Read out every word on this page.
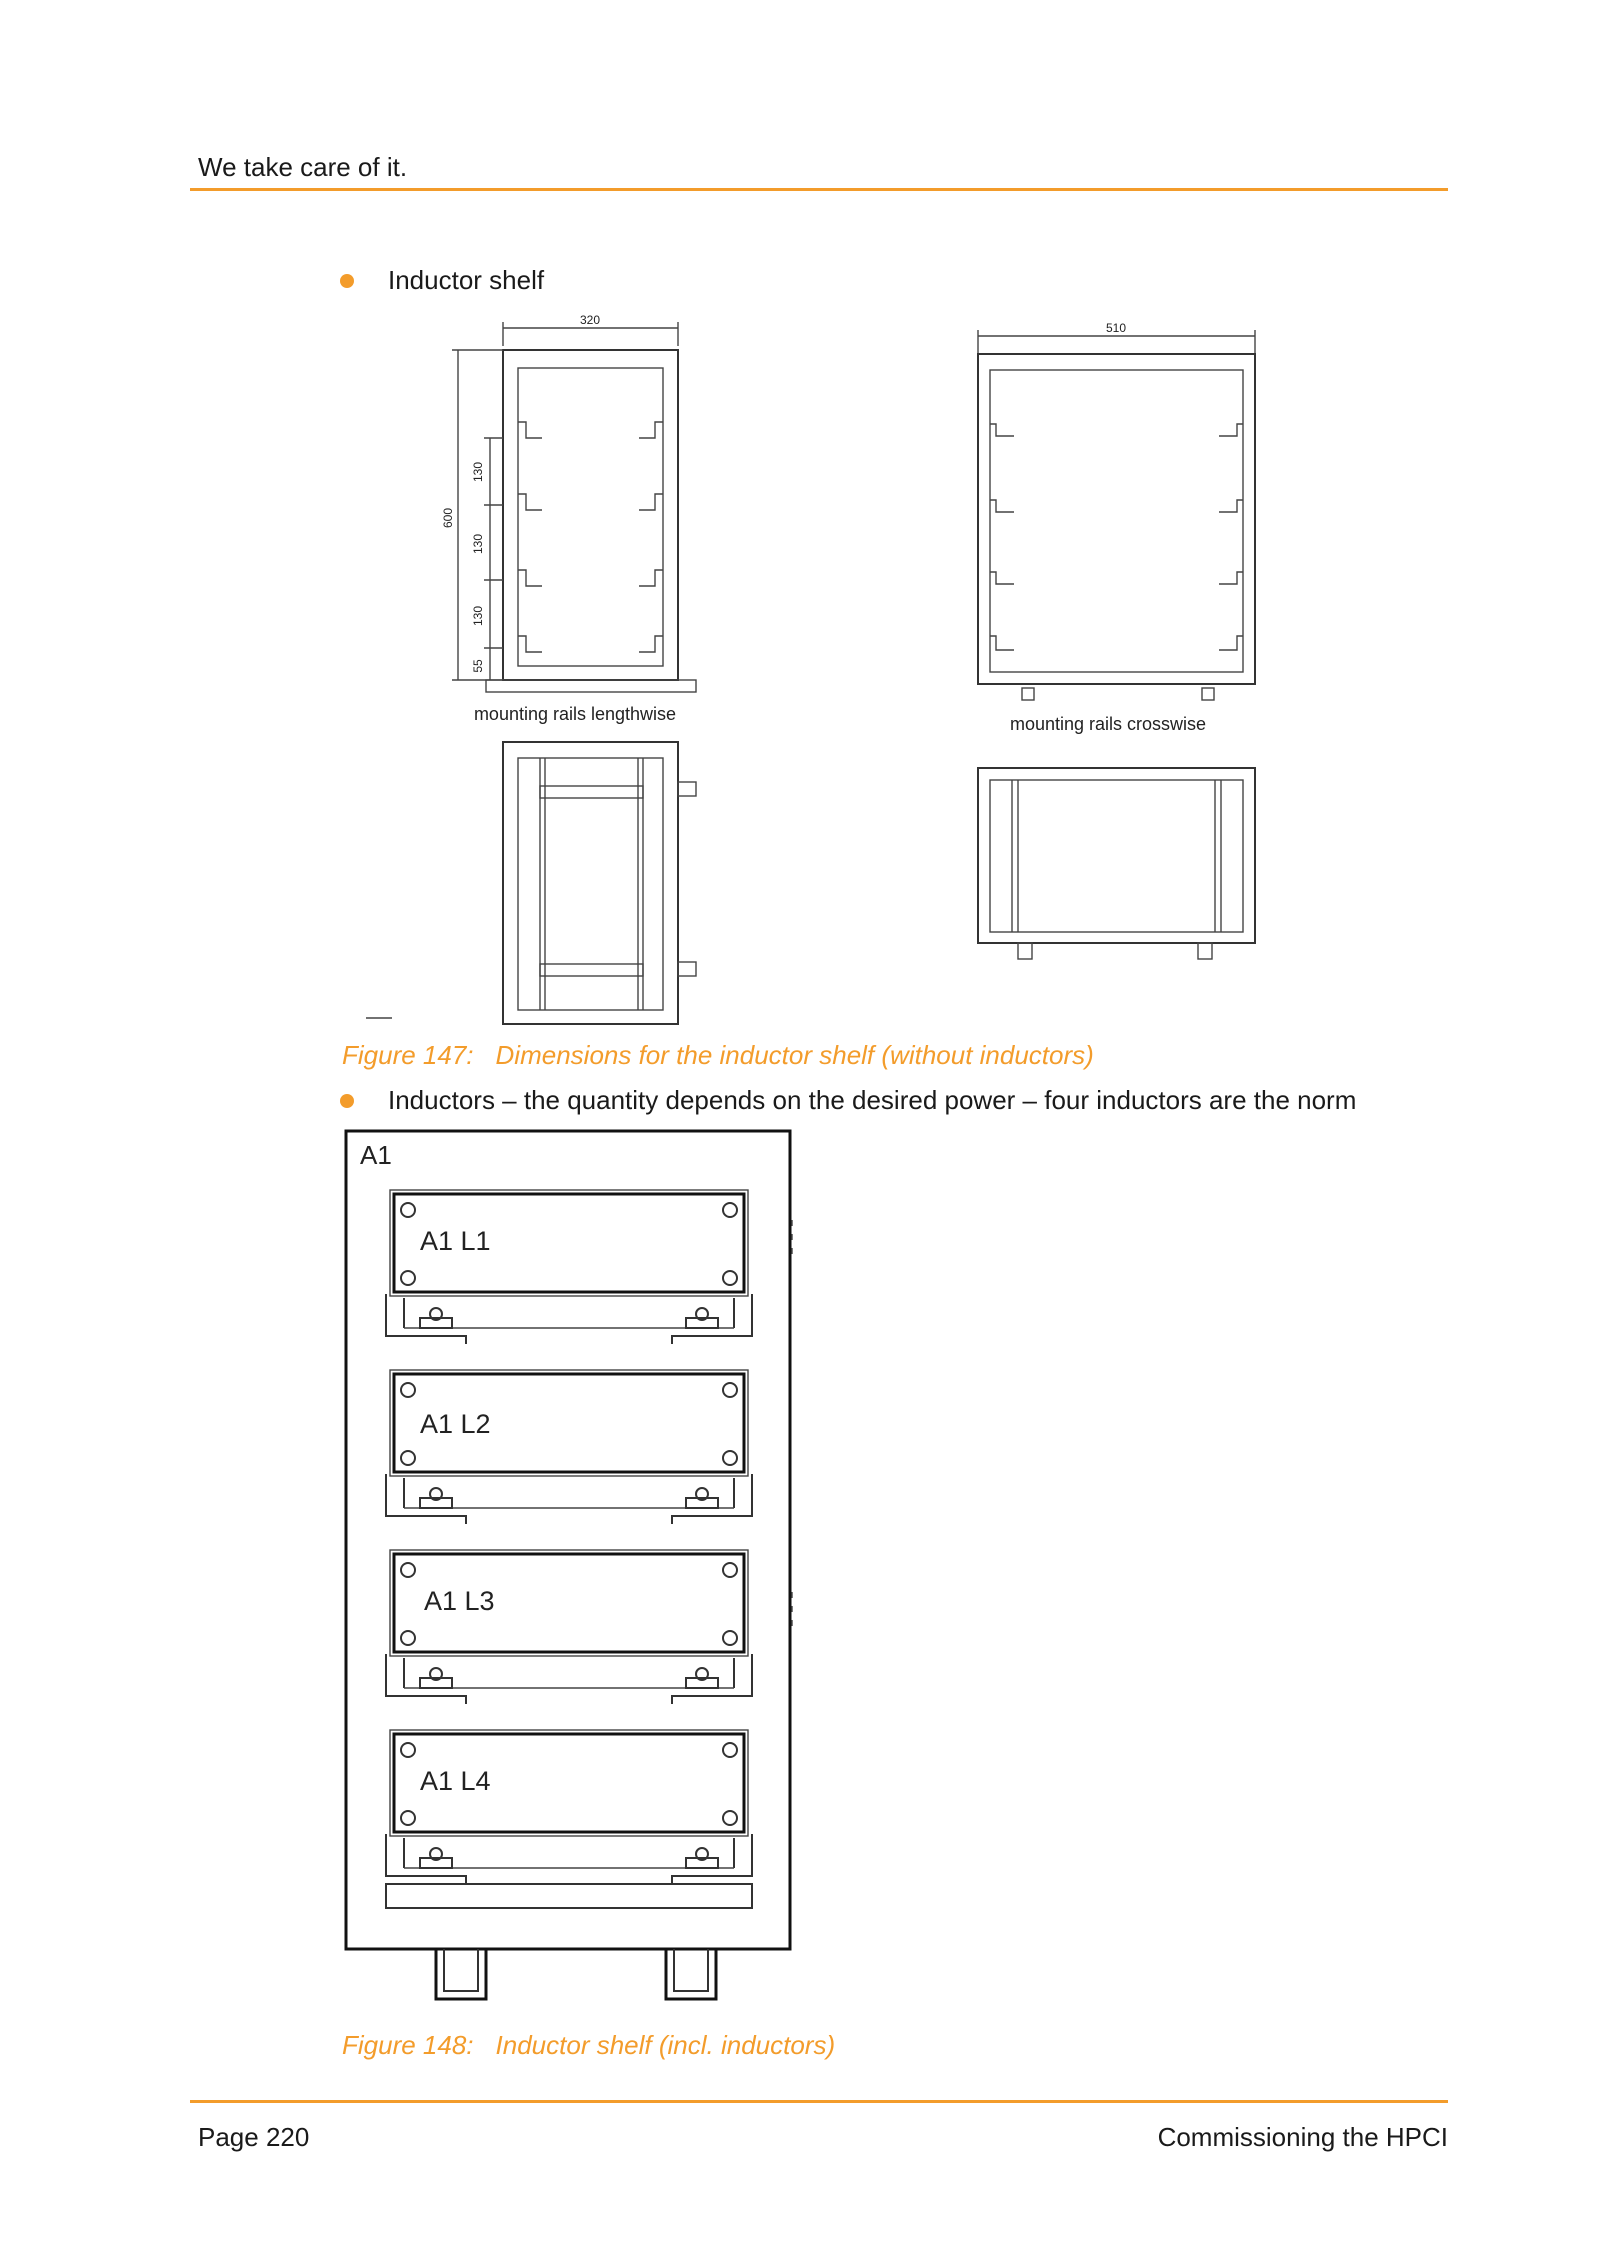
We take care of it.
Inductor shelf
320
600
130
130
130
55
mounting rails lengthwise
510
mounting rails crosswise
Figure 147: Dimensions for the inductor shelf (without inductors)
Inductors – the quantity depends on the desired power – four inductors are the norm
A1
A1 L1
A1 L2
A1 L3
A1 L4
Figure 148: Inductor shelf (incl. inductors)
Page 220	Commissioning the HPCI
